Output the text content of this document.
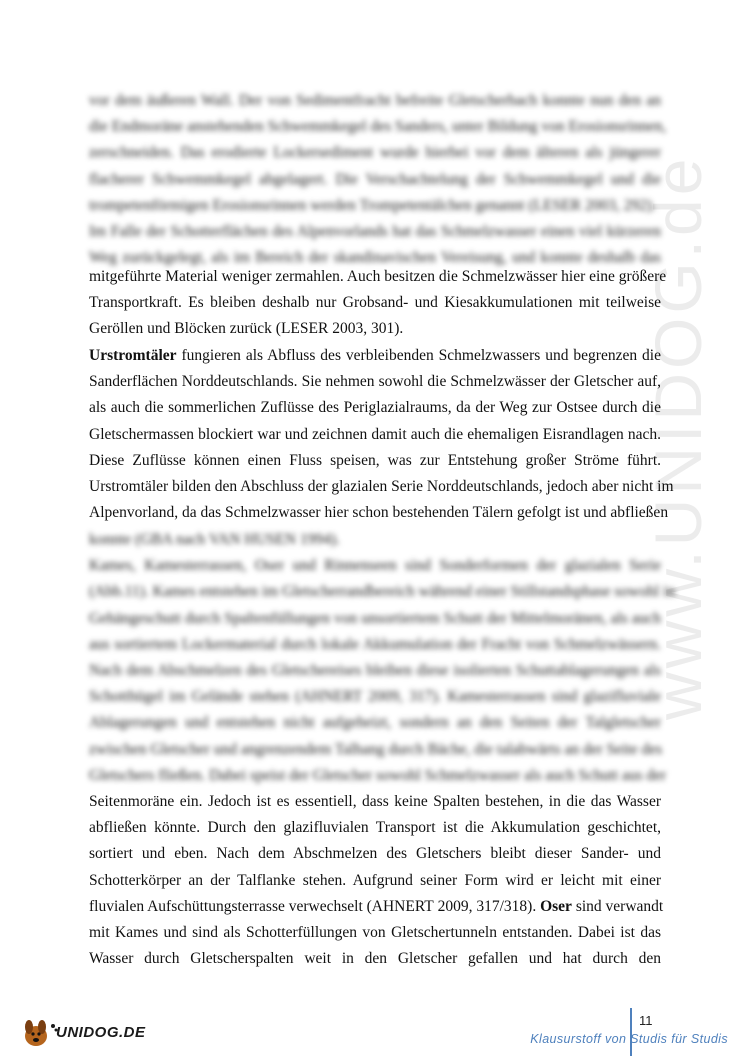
www.UNIDOG.de
vor dem äußeren Wall. Der von Sedimentfracht befreite Gletscherbach konnte nun den an
die Endmoräne anstehenden Schwemmkegel des Sanders, unter Bildung von Erosionsrinnen,
zerschneiden. Das erodierte Lockersediment wurde hierbei vor dem älteren als jüngerer
flacherer Schwemmkegel abgelagert. Die Verschachtelung der Schwemmkegel und die
trompetenförmigen Erosionsrinnen werden Trompetentälchen genannt (LESER 2003, 292).
Im Falle der Schotterflächen des Alpenvorlands hat das Schmelzwasser einen viel kürzeren
Weg zurückgelegt, als im Bereich der skandinavischen Vereisung, und konnte deshalb das
mitgeführte Material weniger zermahlen. Auch besitzen die Schmelzwässer hier eine größere
Transportkraft. Es bleiben deshalb nur Grobsand- und Kiesakkumulationen mit teilweise
Geröllen und Blöcken zurück (LESER 2003, 301).
Urstromtäler fungieren als Abfluss des verbleibenden Schmelzwassers und begrenzen die
Sanderflächen Norddeutschlands. Sie nehmen sowohl die Schmelzwässer der Gletscher auf,
als auch die sommerlichen Zuflüsse des Periglazialraums, da der Weg zur Ostsee durch die
Gletschermassen blockiert war und zeichnen damit auch die ehemaligen Eisrandlagen nach.
Diese Zuflüsse können einen Fluss speisen, was zur Entstehung großer Ströme führt.
Urstromtäler bilden den Abschluss der glazialen Serie Norddeutschlands, jedoch aber nicht im
Alpenvorland, da das Schmelzwasser hier schon bestehenden Tälern gefolgt ist und abfließen
konnte (GBA nach VAN HUSEN 1994).
Kames, Kamesterrassen, Oser und Rinnenseen sind Sonderformen der glazialen Serie
(Abb.11). Kames entstehen im Gletscherrandbereich während einer Stillstandsphase sowohl in
Gehängeschutt durch Spaltenfüllungen von unsortiertem Schutt der Mittelmoränen, als auch
aus sortiertem Lockermaterial durch lokale Akkumulation der Fracht von Schmelzwässern.
Nach dem Abschmelzen des Gletschereises bleiben diese isolierten Schuttablagerungen als
Schotthügel im Gelände stehen (AHNERT 2009, 317). Kamesterrassen sind glazifluviale
Ablagerungen und entstehen nicht aufgeheizt, sondern an den Seiten der Talgletscher
zwischen Gletscher und angrenzendem Talhang durch Bäche, die talabwärts an der Seite des
Gletschers fließen. Dabei speist der Gletscher sowohl Schmelzwasser als auch Schutt aus der
Seitenmoräne ein. Jedoch ist es essentiell, dass keine Spalten bestehen, in die das Wasser
abfließen könnte. Durch den glazifluvialen Transport ist die Akkumulation geschichtet,
sortiert und eben. Nach dem Abschmelzen des Gletschers bleibt dieser Sander- und
Schotterkörper an der Talflanke stehen. Aufgrund seiner Form wird er leicht mit einer
fluvialen Aufschüttungsterrasse verwechselt (AHNERT 2009, 317/318). Oser sind verwandt
mit Kames und sind als Schotterfüllungen von Gletschertunneln entstanden. Dabei ist das
Wasser durch Gletscherspalten weit in den Gletscher gefallen und hat durch den
UNIDOG.DE
11
Klausurstoff von Studis für Studis
